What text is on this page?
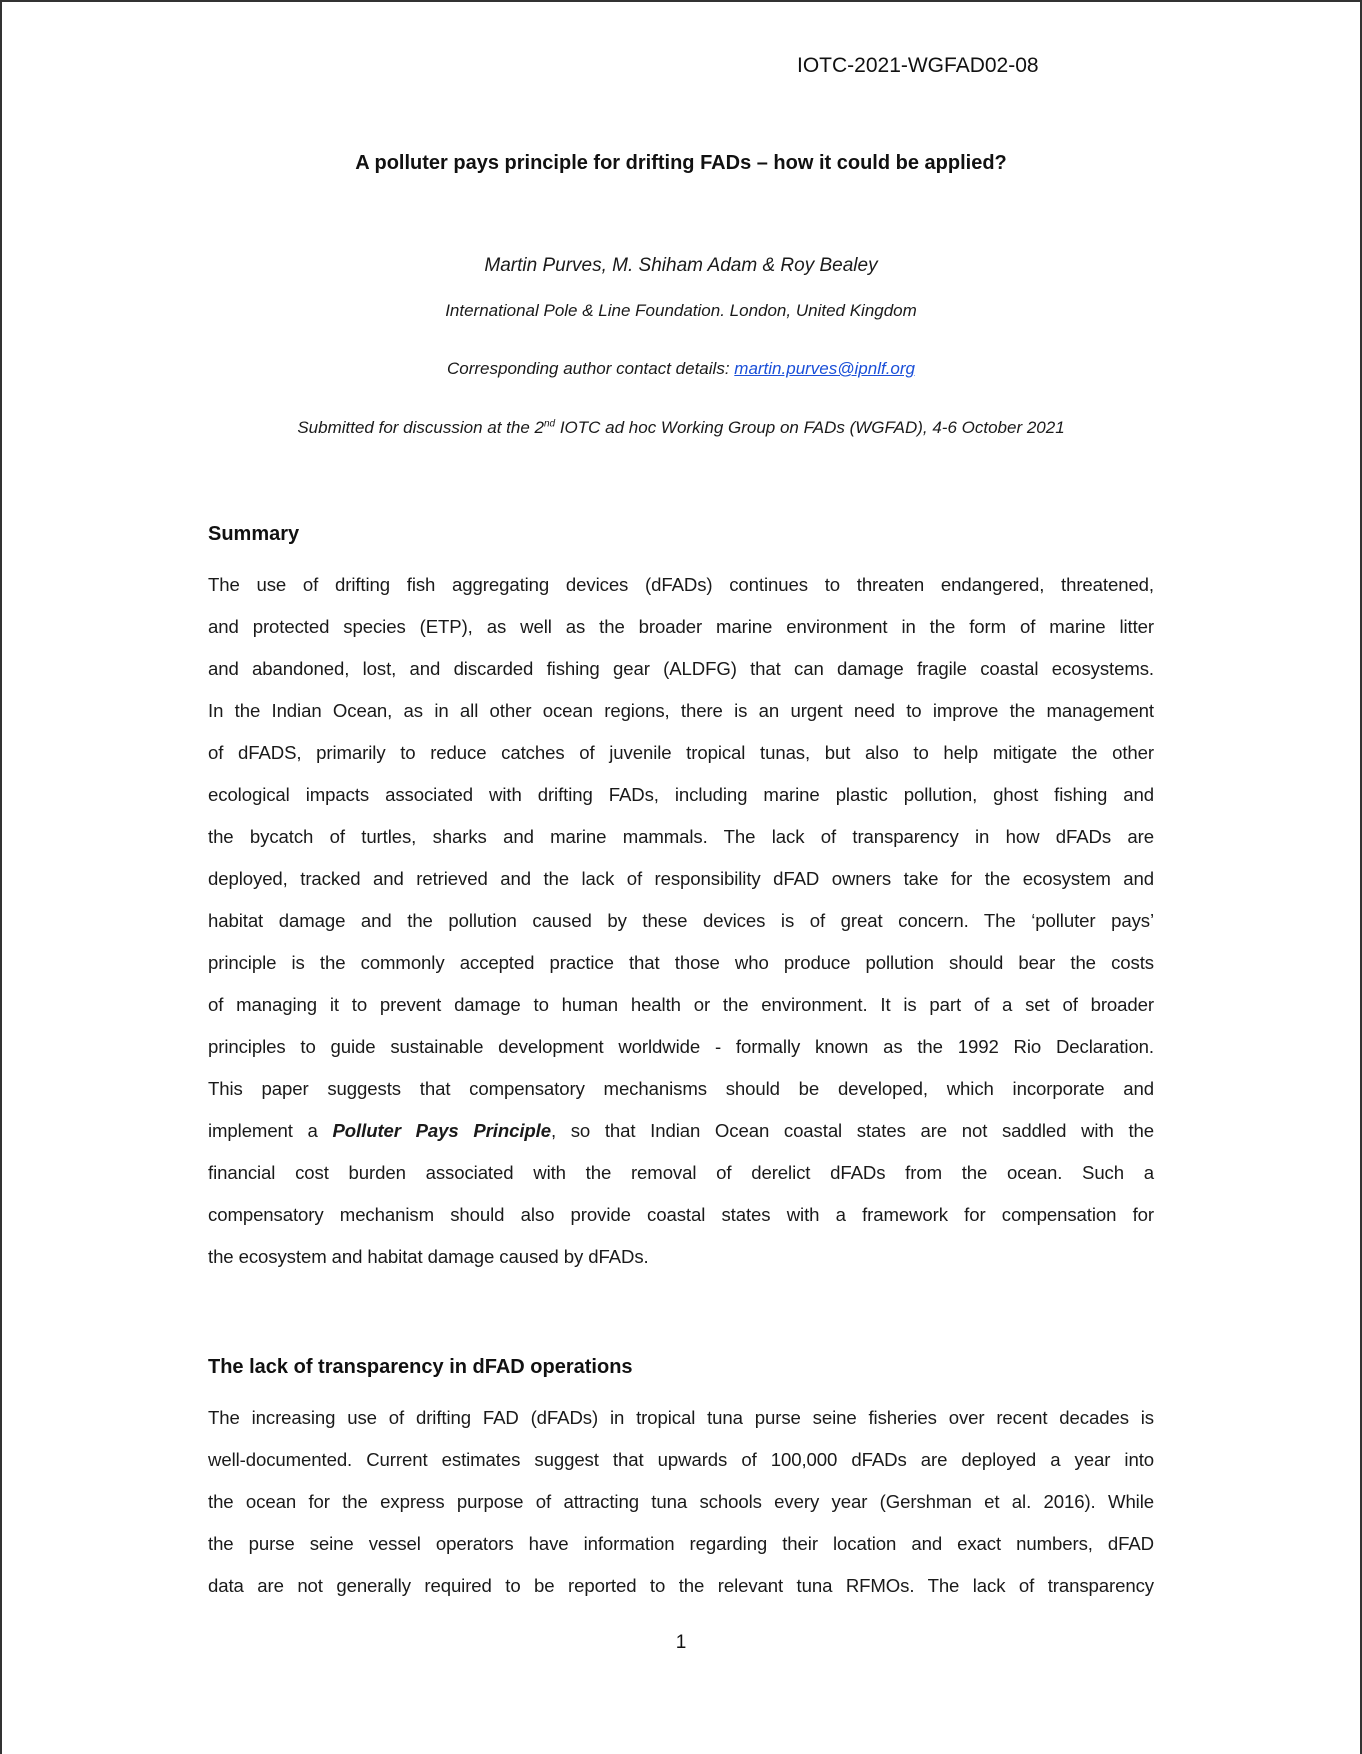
IOTC-2021-WGFAD02-08
A polluter pays principle for drifting FADs – how it could be applied?
Martin Purves, M. Shiham Adam & Roy Bealey
International Pole & Line Foundation. London, United Kingdom
Corresponding author contact details: martin.purves@ipnlf.org
Submitted for discussion at the 2nd IOTC ad hoc Working Group on FADs (WGFAD), 4-6 October 2021
Summary
The use of drifting fish aggregating devices (dFADs) continues to threaten endangered, threatened,
and protected species (ETP), as well as the broader marine environment in the form of marine litter
and abandoned, lost, and discarded fishing gear (ALDFG) that can damage fragile coastal ecosystems.
In the Indian Ocean, as in all other ocean regions, there is an urgent need to improve the management
of dFADS, primarily to reduce catches of juvenile tropical tunas, but also to help mitigate the other
ecological impacts associated with drifting FADs, including marine plastic pollution, ghost fishing and
the bycatch of turtles, sharks and marine mammals. The lack of transparency in how dFADs are
deployed, tracked and retrieved and the lack of responsibility dFAD owners take for the ecosystem and
habitat damage and the pollution caused by these devices is of great concern. The ‘polluter pays’
principle is the commonly accepted practice that those who produce pollution should bear the costs
of managing it to prevent damage to human health or the environment. It is part of a set of broader
principles to guide sustainable development worldwide - formally known as the 1992 Rio Declaration.
This paper suggests that compensatory mechanisms should be developed, which incorporate and
implement a Polluter Pays Principle, so that Indian Ocean coastal states are not saddled with the
financial cost burden associated with the removal of derelict dFADs from the ocean. Such a
compensatory mechanism should also provide coastal states with a framework for compensation for
the ecosystem and habitat damage caused by dFADs.
The lack of transparency in dFAD operations
The increasing use of drifting FAD (dFADs) in tropical tuna purse seine fisheries over recent decades is
well-documented. Current estimates suggest that upwards of 100,000 dFADs are deployed a year into
the ocean for the express purpose of attracting tuna schools every year (Gershman et al. 2016). While
the purse seine vessel operators have information regarding their location and exact numbers, dFAD
data are not generally required to be reported to the relevant tuna RFMOs. The lack of transparency
1
